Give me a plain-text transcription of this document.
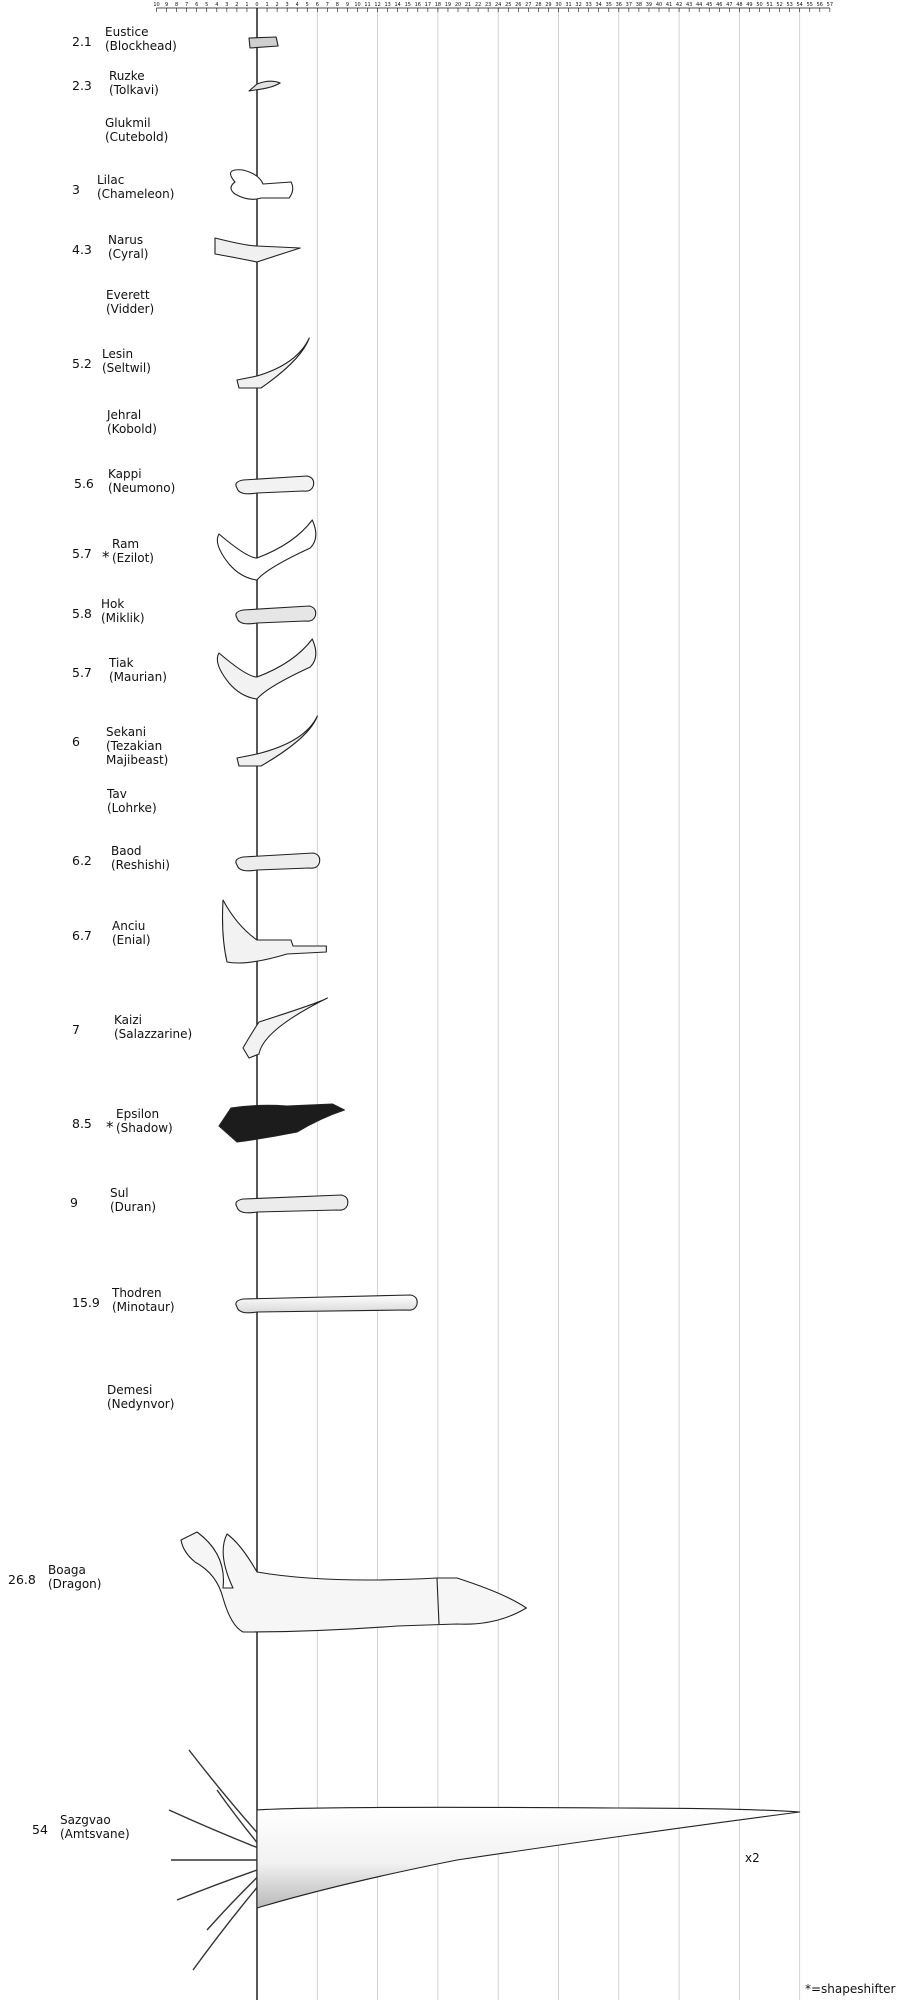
10 9 8 7 6 5 4 3 2 1 0 1 2 3 4 5 6 7 8 9 10 11 12 13 14 15 16 17 18 19 20 21 22 23 24 25 26 27 28 29 30 31 32 33 34 35 36 37 38 39 40 41 42 43 44 45 46 47 48 49 50 51 52 53 54 55 56 57
2.1
Eustice
(Blockhead)
2.3
Ruzke
(Tolkavi)
Glukmil
(Cutebold)
3
Lilac
(Chameleon)
4.3
Narus
(Cyral)
Everett
(Vidder)
5.2
Lesin
(Seltwil)
Jehral
(Kobold)
5.6
Kappi
(Neumono)
5.7 *
Ram
(Ezilot)
5.8
Hok
(Miklik)
5.7
Tiak
(Maurian)
6
Sekani
(Tezakian
Majibeast)
Tav
(Lohrke)
6.2
Baod
(Reshishi)
6.7
Anciu
(Enial)
7
Kaizi
(Salazzarine)
8.5 *
Epsilon
(Shadow)
9
Sul
(Duran)
15.9
Thodren
(Minotaur)
Demesi
(Nedynvor)
26.8
Boaga
(Dragon)
54
Sazgvao
(Amtsvane)
x2
*=shapeshifter
